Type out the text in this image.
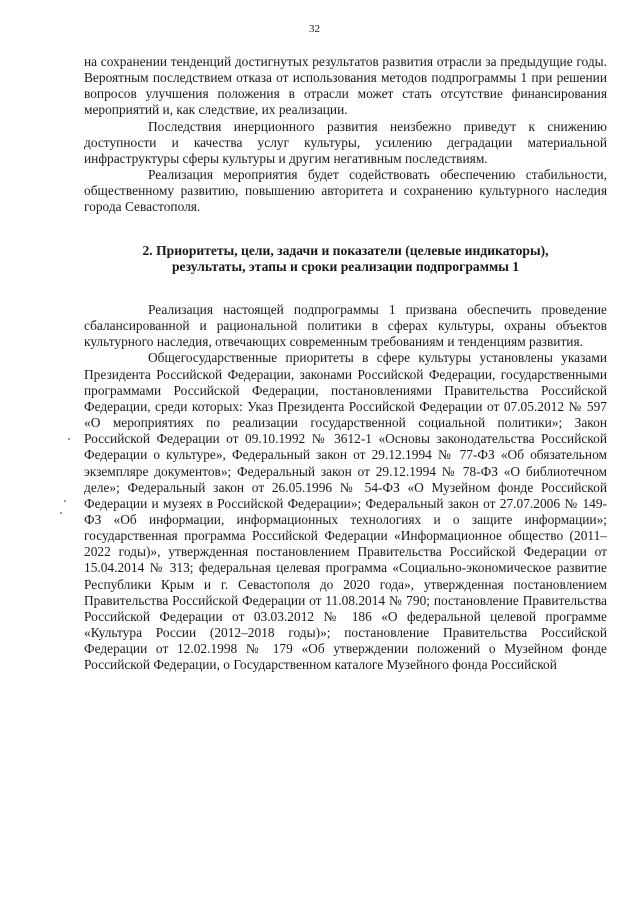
32

на сохранении тенденций достигнутых результатов развития отрасли за предыдущие годы. Вероятным последствием отказа от использования методов подпрограммы 1 при решении вопросов улучшения положения в отрасли может стать отсутствие финансирования мероприятий и, как следствие, их реализации.

Последствия инерционного развития неизбежно приведут к снижению доступности и качества услуг культуры, усилению деградации материальной инфраструктуры сферы культуры и другим негативным последствиям.

Реализация мероприятия будет содействовать обеспечению стабильности, общественному развитию, повышению авторитета и сохранению культурного наследия города Севастополя.

2. Приоритеты, цели, задачи и показатели (целевые индикаторы), результаты, этапы и сроки реализации подпрограммы 1

Реализация настоящей подпрограммы 1 призвана обеспечить проведение сбалансированной и рациональной политики в сферах культуры, охраны объектов культурного наследия, отвечающих современным требованиям и тенденциям развития.

Общегосударственные приоритеты в сфере культуры установлены указами Президента Российской Федерации, законами Российской Федерации, государственными программами Российской Федерации, постановлениями Правительства Российской Федерации, среди которых: Указ Президента Российской Федерации от 07.05.2012 № 597 «О мероприятиях по реализации государственной социальной политики»; Закон Российской Федерации от 09.10.1992 № 3612-1 «Основы законодательства Российской Федерации о культуре», Федеральный закон от 29.12.1994 № 77-ФЗ «Об обязательном экземпляре документов»; Федеральный закон от 29.12.1994 № 78-ФЗ «О библиотечном деле»; Федеральный закон от 26.05.1996 № 54-ФЗ «О Музейном фонде Российской Федерации и музеях в Российской Федерации»; Федеральный закон от 27.07.2006 № 149-ФЗ «Об информации, информационных технологиях и о защите информации»; государственная программа Российской Федерации «Информационное общество (2011–2022 годы)», утвержденная постановлением Правительства Российской Федерации от 15.04.2014 № 313; федеральная целевая программа «Социально-экономическое развитие Республики Крым и г. Севастополя до 2020 года», утвержденная постановлением Правительства Российской Федерации от 11.08.2014 № 790; постановление Правительства Российской Федерации от 03.03.2012 № 186 «О федеральной целевой программе «Культура России (2012–2018 годы)»; постановление Правительства Российской Федерации от 12.02.1998 № 179 «Об утверждении положений о Музейном фонде Российской Федерации, о Государственном каталоге Музейного фонда Российской
